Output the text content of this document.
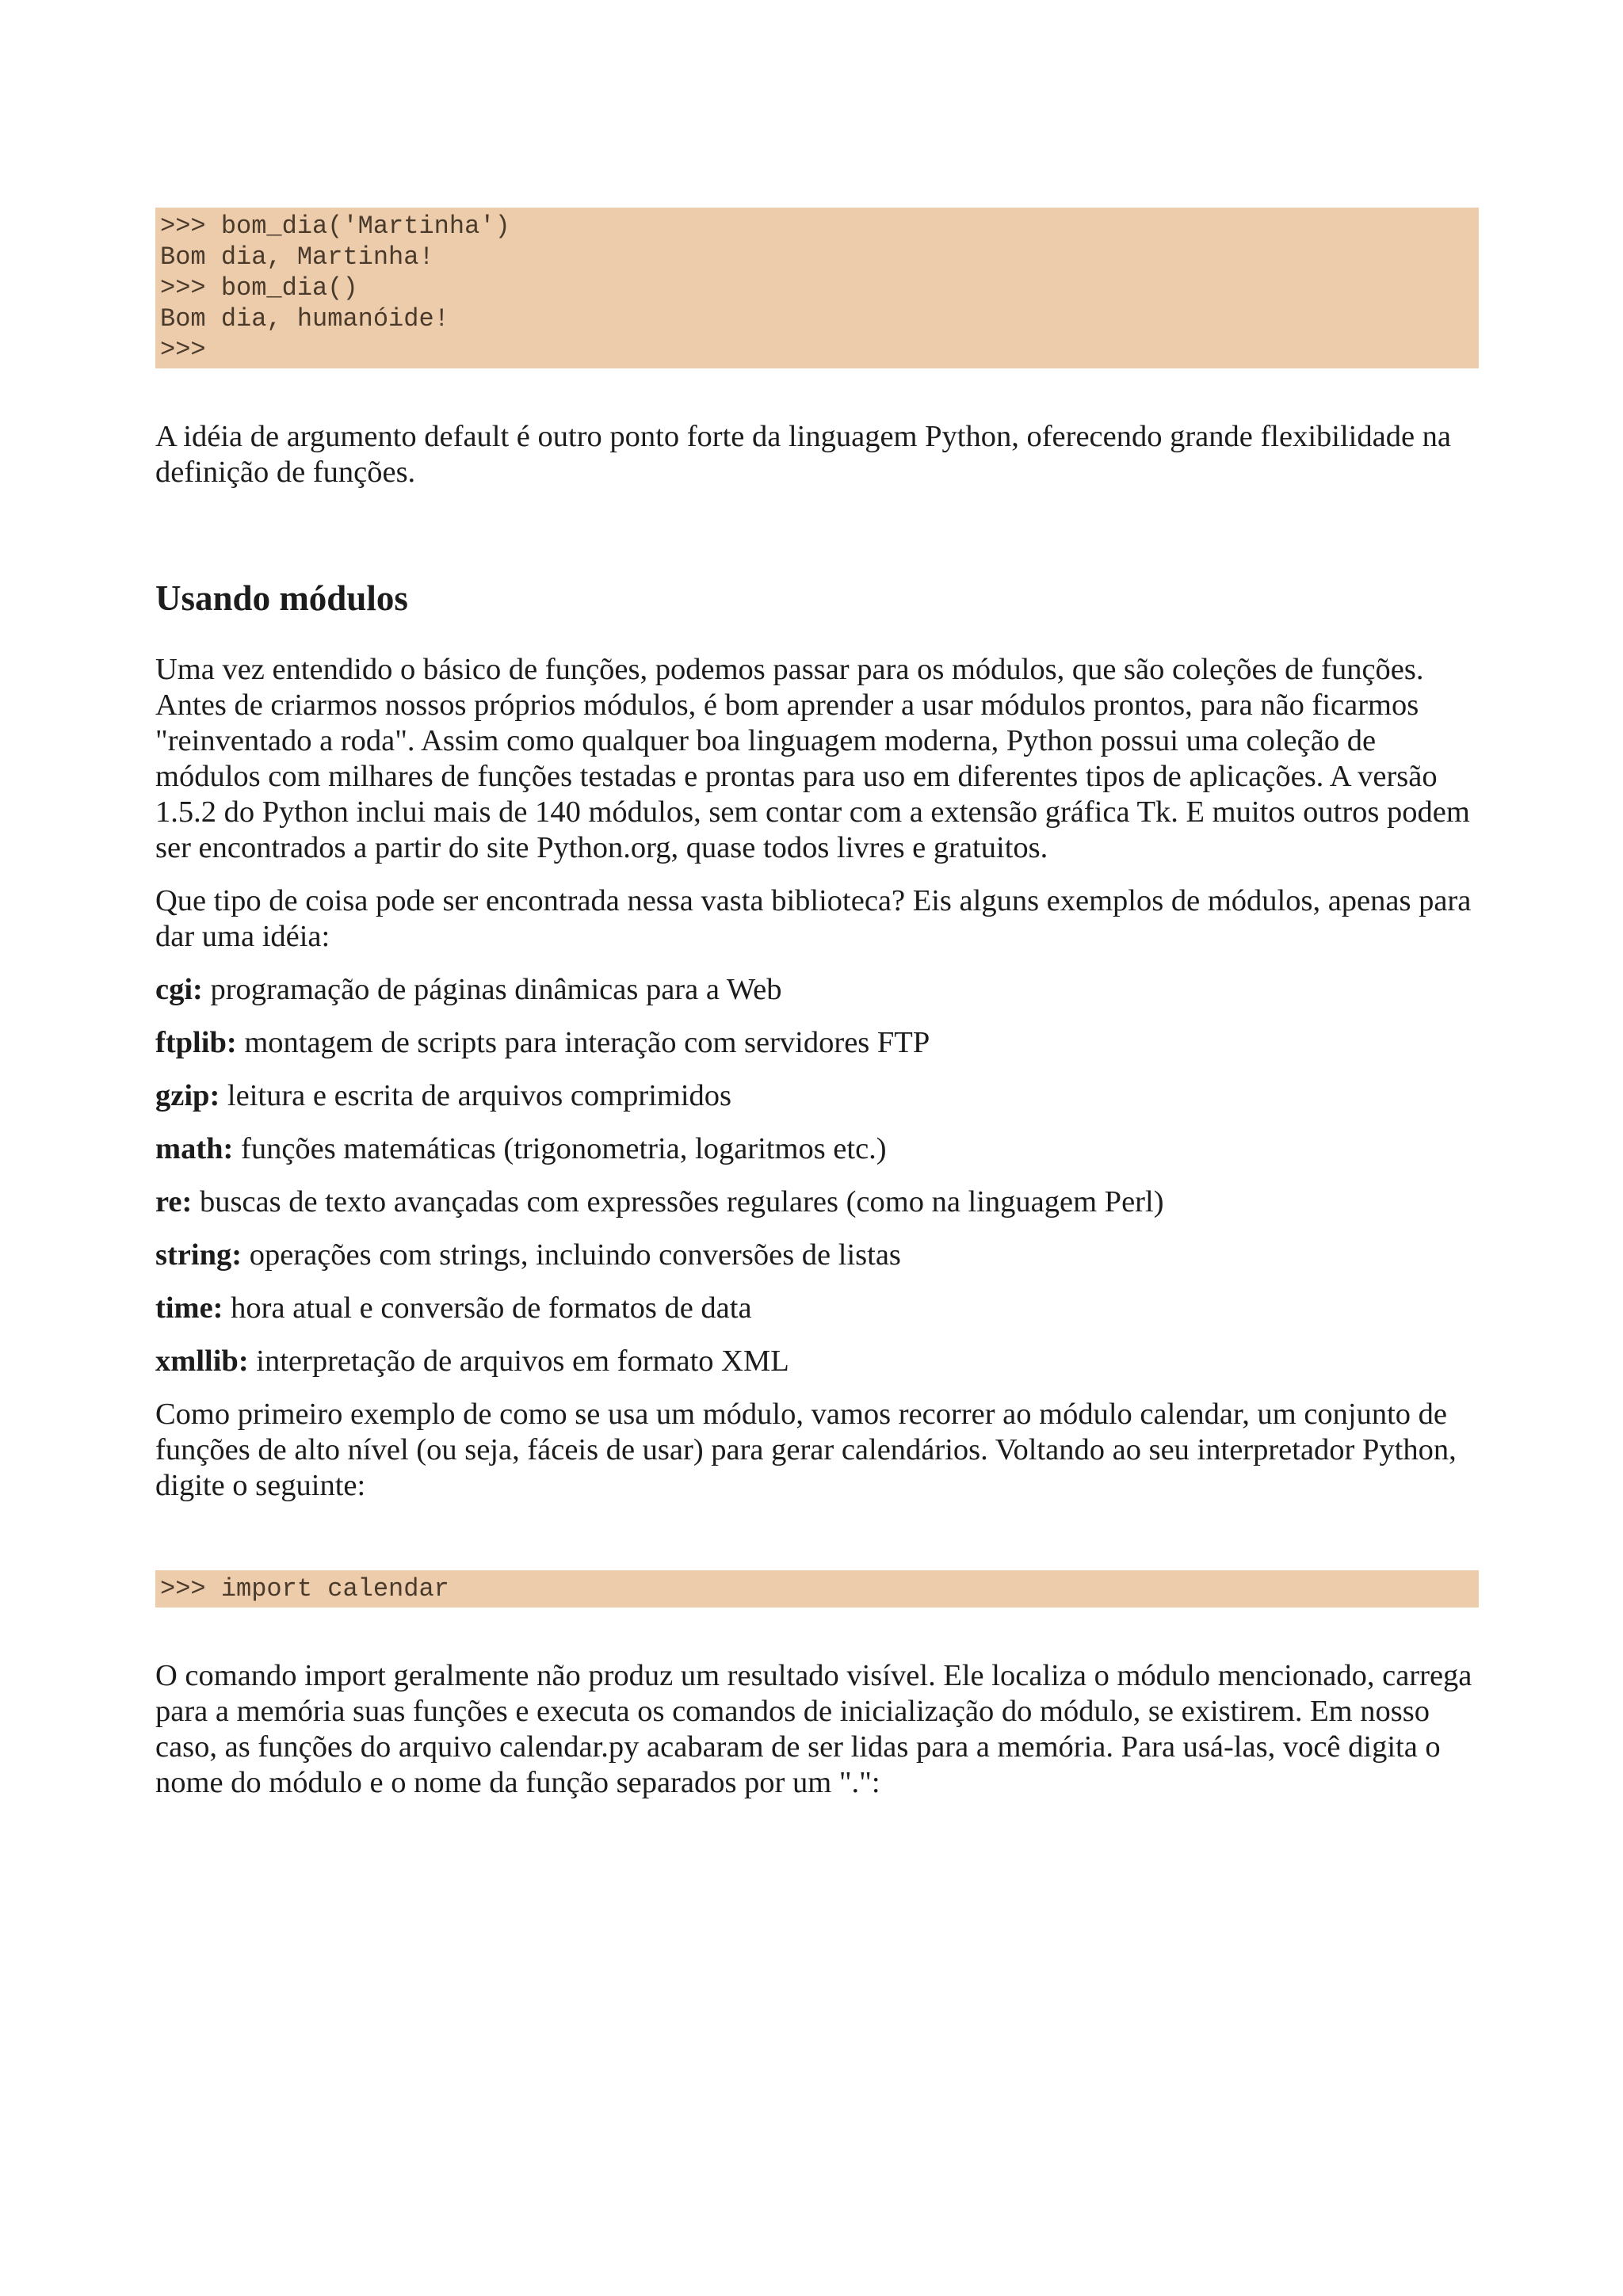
>>> bom_dia('Martinha')
Bom dia, Martinha!
>>> bom_dia()
Bom dia, humanóide!
>>>

A idéia de argumento default é outro ponto forte da linguagem Python, oferecendo grande flexibilidade na definição de funções.

Usando módulos

Uma vez entendido o básico de funções, podemos passar para os módulos, que são coleções de funções. Antes de criarmos nossos próprios módulos, é bom aprender a usar módulos prontos, para não ficarmos "reinventado a roda". Assim como qualquer boa linguagem moderna, Python possui uma coleção de módulos com milhares de funções testadas e prontas para uso em diferentes tipos de aplicações. A versão 1.5.2 do Python inclui mais de 140 módulos, sem contar com a extensão gráfica Tk. E muitos outros podem ser encontrados a partir do site Python.org, quase todos livres e gratuitos.

Que tipo de coisa pode ser encontrada nessa vasta biblioteca? Eis alguns exemplos de módulos, apenas para dar uma idéia:

cgi: programação de páginas dinâmicas para a Web

ftplib: montagem de scripts para interação com servidores FTP

gzip: leitura e escrita de arquivos comprimidos

math: funções matemáticas (trigonometria, logaritmos etc.)

re: buscas de texto avançadas com expressões regulares (como na linguagem Perl)

string: operações com strings, incluindo conversões de listas

time: hora atual e conversão de formatos de data

xmllib: interpretação de arquivos em formato XML

Como primeiro exemplo de como se usa um módulo, vamos recorrer ao módulo calendar, um conjunto de funções de alto nível (ou seja, fáceis de usar) para gerar calendários. Voltando ao seu interpretador Python, digite o seguinte:

>>> import calendar

O comando import geralmente não produz um resultado visível. Ele localiza o módulo mencionado, carrega para a memória suas funções e executa os comandos de inicialização do módulo, se existirem. Em nosso caso, as funções do arquivo calendar.py acabaram de ser lidas para a memória. Para usá-las, você digita o nome do módulo e o nome da função separados por um ".":
